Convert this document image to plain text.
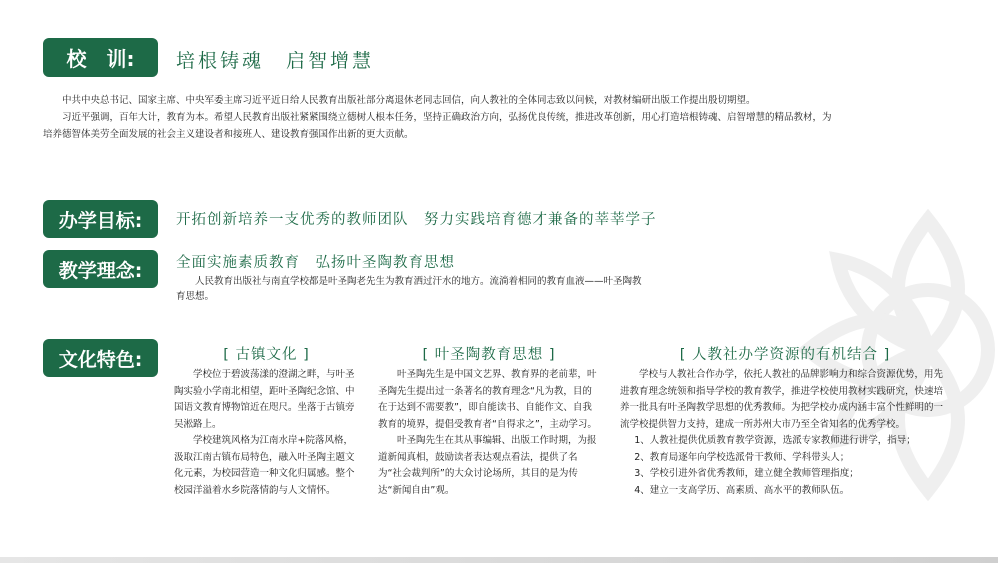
校　训:	培根铸魂　启智增慧
中共中央总书记、国家主席、中央军委主席习近平近日给人民教育出版社部分离退休老同志回信，向人教社的全体同志致以问候，对教材编研出版工作提出殷切期望。
习近平强调，百年大计，教育为本。希望人民教育出版社紧紧围绕立德树人根本任务，坚持正确政治方向，弘扬优良传统，推进改革创新，用心打造培根铸魂、启智增慧的精品教材，为培养德智体美劳全面发展的社会主义建设者和接班人、建设教育强国作出新的更大贡献。
办学目标:	开拓创新培养一支优秀的教师团队　努力实践培育德才兼备的莘莘学子
教学理念:	全面实施素质教育　弘扬叶圣陶教育思想
人民教育出版社与南直学校都是叶圣陶老先生为教育洒过汗水的地方。流淌着相同的教育血液——叶圣陶教育思想。
文化特色:	[ 古镇文化 ]

学校位于碧波荡漾的澄湖之畔，与叶圣陶实验小学南北相望，距叶圣陶纪念馆、中国语文教育博物馆近在咫尺。坐落于古镇旁吴淞路上。

学校建筑风格为江南水岸+院落风格，汲取江南古镇布局特色，融入叶圣陶主题文化元素，为校园营造一种文化归属感。整个校园洋溢着水乡院落情韵与人文情怀。

[ 叶圣陶教育思想 ]

叶圣陶先生是中国文艺界、教育界的老前辈，叶圣陶先生提出过一条著名的教育理念“凡为教，目的在于达到不需要教”，即自能读书、自能作文、自我教育的境界，提倡受教育者“自得求之”，主动学习。

叶圣陶先生在其从事编辑、出版工作时期，为报道新闻真相，鼓励读者表达观点看法，提供了名为“社会裁判所”的大众讨论场所，其目的是为传达“新闻自由”观。

[ 人教社办学资源的有机结合 ]

学校与人教社合作办学，依托人教社的品牌影响力和综合资源优势，用先进教育理念统领和指导学校的教育教学，推进学校使用教材实践研究，快速培养一批具有叶圣陶教学思想的优秀教师。为把学校办成内涵丰富个性鲜明的一流学校提供智力支持，建成一所苏州大市乃至全省知名的优秀学校。

1、人教社提供优质教育教学资源，选派专家教师进行讲学，指导；

2、教育局逐年向学校选派骨干教师、学科带头人；

3、学校引进外省优秀教师，建立健全教师管理指度；

4、建立一支高学历、高素质、高水平的教师队伍。
